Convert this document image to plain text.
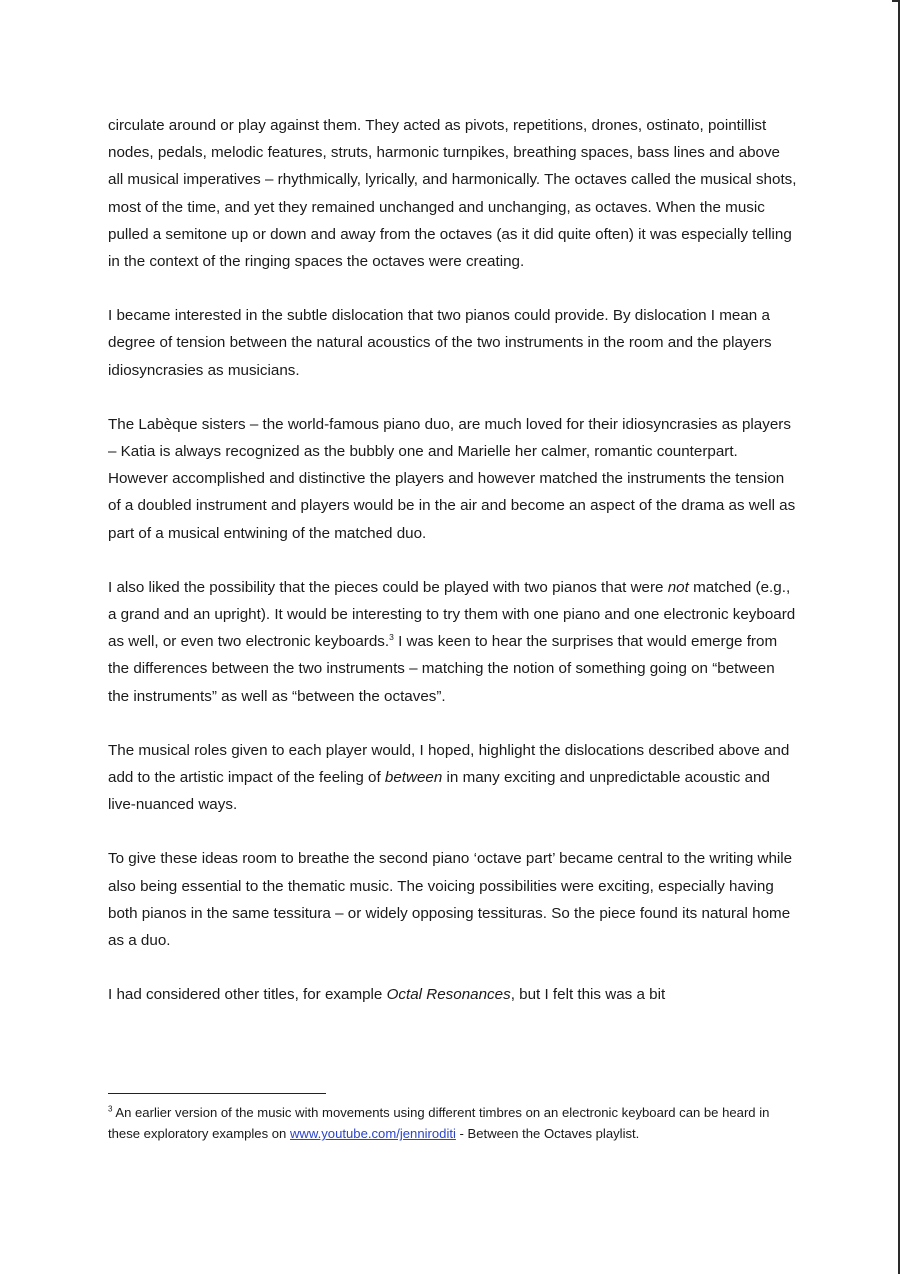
circulate around or play against them. They acted as pivots, repetitions, drones, ostinato, pointillist nodes, pedals, melodic features, struts, harmonic turnpikes, breathing spaces, bass lines and above all musical imperatives – rhythmically, lyrically, and harmonically. The octaves called the musical shots, most of the time, and yet they remained unchanged and unchanging, as octaves. When the music pulled a semitone up or down and away from the octaves (as it did quite often) it was especially telling in the context of the ringing spaces the octaves were creating.

I became interested in the subtle dislocation that two pianos could provide. By dislocation I mean a degree of tension between the natural acoustics of the two instruments in the room and the players idiosyncrasies as musicians.

The Labèque sisters – the world-famous piano duo, are much loved for their idiosyncrasies as players – Katia is always recognized as the bubbly one and Marielle her calmer, romantic counterpart. However accomplished and distinctive the players and however matched the instruments the tension of a doubled instrument and players would be in the air and become an aspect of the drama as well as part of a musical entwining of the matched duo.

I also liked the possibility that the pieces could be played with two pianos that were not matched (e.g., a grand and an upright). It would be interesting to try them with one piano and one electronic keyboard as well, or even two electronic keyboards.$^3$ I was keen to hear the surprises that would emerge from the differences between the two instruments – matching the notion of something going on “between the instruments” as well as “between the octaves”.

The musical roles given to each player would, I hoped, highlight the dislocations described above and add to the artistic impact of the feeling of between in many exciting and unpredictable acoustic and live-nuanced ways.

To give these ideas room to breathe the second piano ‘octave part’ became central to the writing while also being essential to the thematic music. The voicing possibilities were exciting, especially having both pianos in the same tessitura – or widely opposing tessituras. So the piece found its natural home as a duo.

I had considered other titles, for example Octal Resonances, but I felt this was a bit

$^3$ An earlier version of the music with movements using different timbres on an electronic keyboard can be heard in these exploratory examples on www.youtube.com/jenniroditi - Between the Octaves playlist.
